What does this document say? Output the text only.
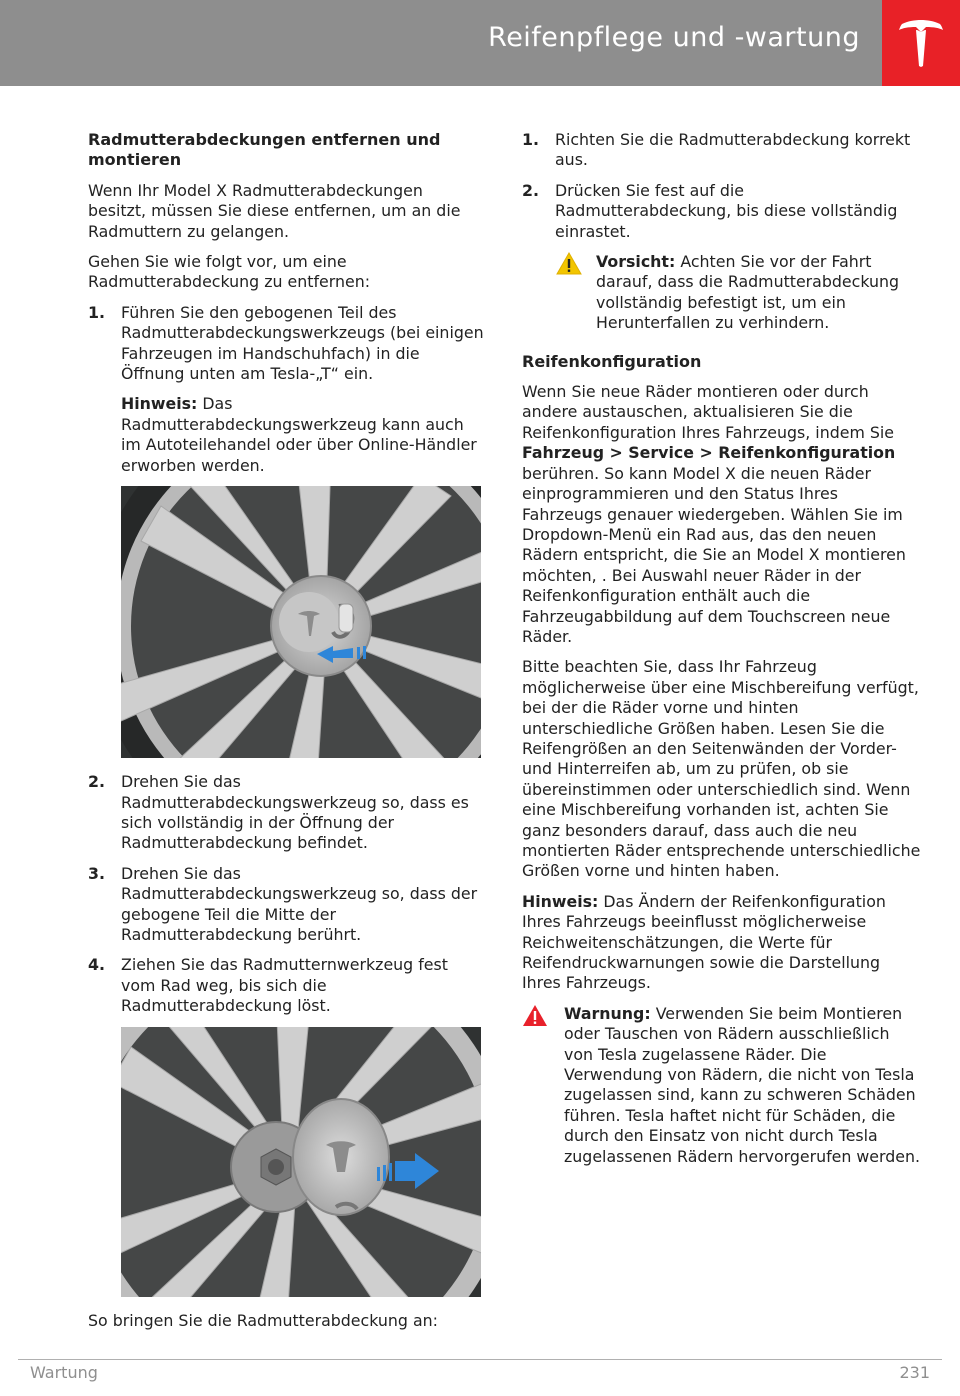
Reifenpflege und -wartung
Radmutterabdeckungen entfernen und montieren

Wenn Ihr Model X Radmutterabdeckungen besitzt, müssen Sie diese entfernen, um an die Radmuttern zu gelangen.

Gehen Sie wie folgt vor, um eine Radmutterabdeckung zu entfernen:

1. Führen Sie den gebogenen Teil des Radmutterabdeckungswerkzeugs (bei einigen Fahrzeugen im Handschuhfach) in die Öffnung unten am Tesla-„T“ ein.
Hinweis: Das Radmutterabdeckungswerkzeug kann auch im Autoteilehandel oder über Online-Händler erworben werden.
2. Drehen Sie das Radmutterabdeckungswerkzeug so, dass es sich vollständig in der Öffnung der Radmutterabdeckung befindet.
3. Drehen Sie das Radmutterabdeckungswerkzeug so, dass der gebogene Teil die Mitte der Radmutterabdeckung berührt.
4. Ziehen Sie das Radmutternwerkzeug fest vom Rad weg, bis sich die Radmutterabdeckung löst.

So bringen Sie die Radmutterabdeckung an:

1. Richten Sie die Radmutterabdeckung korrekt aus.
2. Drücken Sie fest auf die Radmutterabdeckung, bis diese vollständig einrastet.
Vorsicht: Achten Sie vor der Fahrt darauf, dass die Radmutterabdeckung vollständig befestigt ist, um ein Herunterfallen zu verhindern.
Reifenkonfiguration

Wenn Sie neue Räder montieren oder durch andere austauschen, aktualisieren Sie die Reifenkonfiguration Ihres Fahrzeugs, indem Sie Fahrzeug > Service > Reifenkonfiguration berühren. So kann Model X die neuen Räder einprogrammieren und den Status Ihres Fahrzeugs genauer wiedergeben. Wählen Sie im Dropdown-Menü ein Rad aus, das den neuen Rädern entspricht, die Sie an Model X montieren möchten, . Bei Auswahl neuer Räder in der Reifenkonfiguration enthält auch die Fahrzeugabbildung auf dem Touchscreen neue Räder.

Bitte beachten Sie, dass Ihr Fahrzeug möglicherweise über eine Mischbereifung verfügt, bei der die Räder vorne und hinten unterschiedliche Größen haben. Lesen Sie die Reifengrößen an den Seitenwänden der Vorder- und Hinterreifen ab, um zu prüfen, ob sie übereinstimmen oder unterschiedlich sind. Wenn eine Mischbereifung vorhanden ist, achten Sie ganz besonders darauf, dass auch die neu montierten Räder entsprechende unterschiedliche Größen vorne und hinten haben.

Hinweis: Das Ändern der Reifenkonfiguration Ihres Fahrzeugs beeinflusst möglicherweise Reichweitenschätzungen, die Werte für Reifendruckwarnungen sowie die Darstellung Ihres Fahrzeugs.

Warnung: Verwenden Sie beim Montieren oder Tauschen von Rädern ausschließlich von Tesla zugelassene Räder. Die Verwendung von Rädern, die nicht von Tesla zugelassen sind, kann zu schweren Schäden führen. Tesla haftet nicht für Schäden, die durch den Einsatz von nicht durch Tesla zugelassenen Rädern hervorgerufen werden.
Wartung	231
